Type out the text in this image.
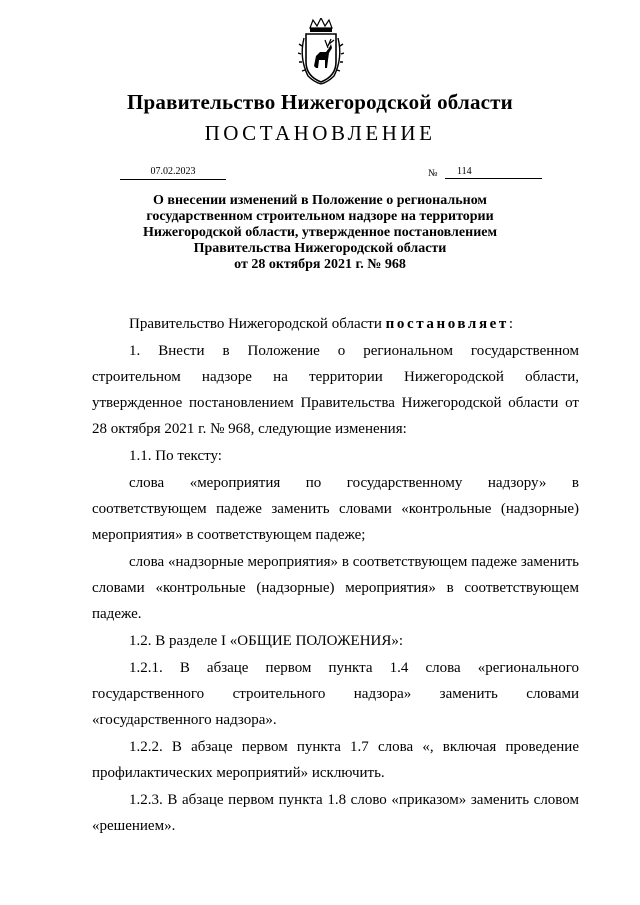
Правительство Нижегородской области
ПОСТАНОВЛЕНИЕ
07.02.2023	№	114
О внесении изменений в Положение о региональном
государственном строительном надзоре на территории
Нижегородской области, утвержденное постановлением
Правительства Нижегородской области
от 28 октября 2021 г. № 968

Правительство Нижегородской области постановляет:

1. Внести в Положение о региональном государственном строительном надзоре на территории Нижегородской области, утвержденное постановлением Правительства Нижегородской области от 28 октября 2021 г. № 968, следующие изменения:

1.1. По тексту:

слова «мероприятия по государственному надзору» в соответствующем падеже заменить словами «контрольные (надзорные) мероприятия» в соответствующем падеже;

слова «надзорные мероприятия» в соответствующем падеже заменить словами «контрольные (надзорные) мероприятия» в соответствующем падеже.

1.2. В разделе I «ОБЩИЕ ПОЛОЖЕНИЯ»:

1.2.1. В абзаце первом пункта 1.4 слова «регионального государственного строительного надзора» заменить словами «государственного надзора».

1.2.2. В абзаце первом пункта 1.7 слова «, включая проведение профилактических мероприятий» исключить.

1.2.3. В абзаце первом пункта 1.8 слово «приказом» заменить словом «решением».
